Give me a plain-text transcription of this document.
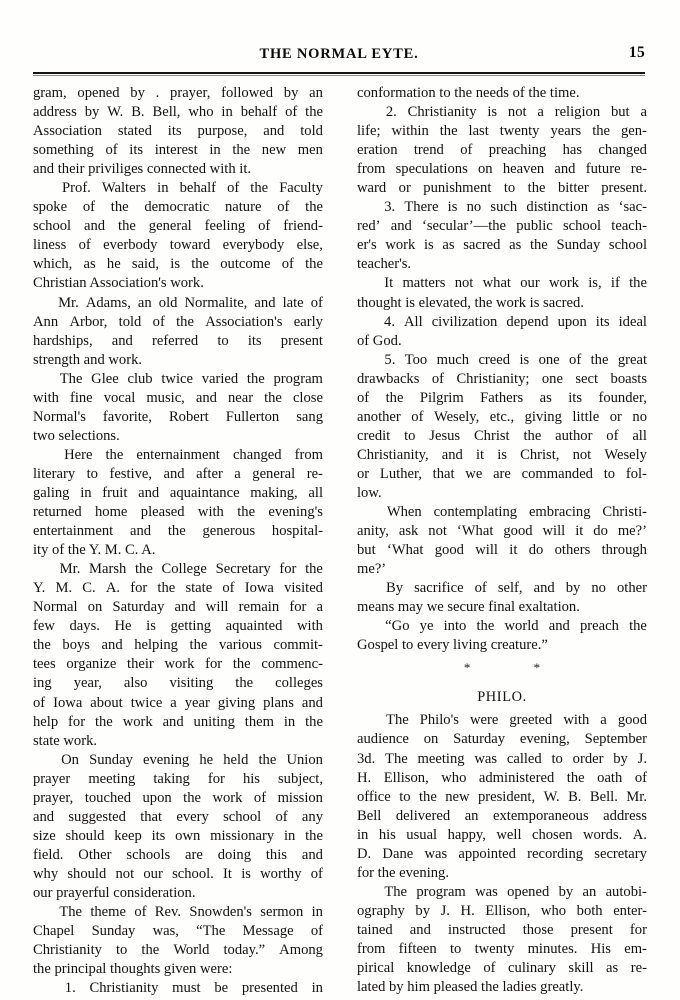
THE NORMAL EYTE.	15
gram, opened by . prayer, followed by an
address by W. B. Bell, who in behalf of the
Association stated its purpose, and told
something of its interest in the new men
and their priviliges connected with it.

Prof. Walters in behalf of the Faculty
spoke of the democratic nature of the
school and the general feeling of friend-
liness of everbody toward everybody else,
which, as he said, is the outcome of the
Christian Association's work.

Mr. Adams, an old Normalite, and late of
Ann Arbor, told of the Association's early
hardships, and referred to its present
strength and work.

The Glee club twice varied the program
with fine vocal music, and near the close
Normal's favorite, Robert Fullerton sang
two selections.

Here the enternainment changed from
literary to festive, and after a general re-
galing in fruit and aquaintance making, all
returned home pleased with the evening's
entertainment and the generous hospital-
ity of the Y. M. C. A.

Mr. Marsh the College Secretary for the
Y. M. C. A. for the state of Iowa visited
Normal on Saturday and will remain for a
few days. He is getting aquainted with
the boys and helping the various commit-
tees organize their work for the commenc-
ing year, also visiting the colleges
of Iowa about twice a year giving plans and
help for the work and uniting them in the
state work.

On Sunday evening he held the Union
prayer meeting taking for his subject,
prayer, touched upon the work of mission
and suggested that every school of any
size should keep its own missionary in the
field. Other schools are doing this and
why should not our school. It is worthy of
our prayerful consideration.

The theme of Rev. Snowden's sermon in
Chapel Sunday was, “The Message of
Christianity to the World today.” Among
the principal thoughts given were:

1. Christianity must be presented in
conformation to the needs of the time.

2. Christianity is not a religion but a
life; within the last twenty years the gen-
eration trend of preaching has changed
from speculations on heaven and future re-
ward or punishment to the bitter present.

3. There is no such distinction as ‘sac-
red’ and ‘secular’—the public school teach-
er's work is as sacred as the Sunday school
teacher's.

It matters not what our work is, if the
thought is elevated, the work is sacred.

4. All civilization depend upon its ideal
of God.

5. Too much creed is one of the great
drawbacks of Christianity; one sect boasts
of the Pilgrim Fathers as its founder,
another of Wesely, etc., giving little or no
credit to Jesus Christ the author of all
Christianity, and it is Christ, not Wesely
or Luther, that we are commanded to fol-
low.

When contemplating embracing Christi-
anity, ask not ‘What good will it do me?’
but ‘What good will it do others through
me?’

By sacrifice of self, and by no other
means may we secure final exaltation.

“Go ye into the world and preach the
Gospel to every living creature.”
* *
PHILO.

The Philo's were greeted with a good
audience on Saturday evening, September
3d. The meeting was called to order by J.
H. Ellison, who administered the oath of
office to the new president, W. B. Bell. Mr.
Bell delivered an extemporaneous address
in his usual happy, well chosen words. A.
D. Dane was appointed recording secretary
for the evening.

The program was opened by an autobi-
ography by J. H. Ellison, who both enter-
tained and instructed those present for
from fifteen to twenty minutes. His em-
pirical knowledge of culinary skill as re-
lated by him pleased the ladies greatly.
